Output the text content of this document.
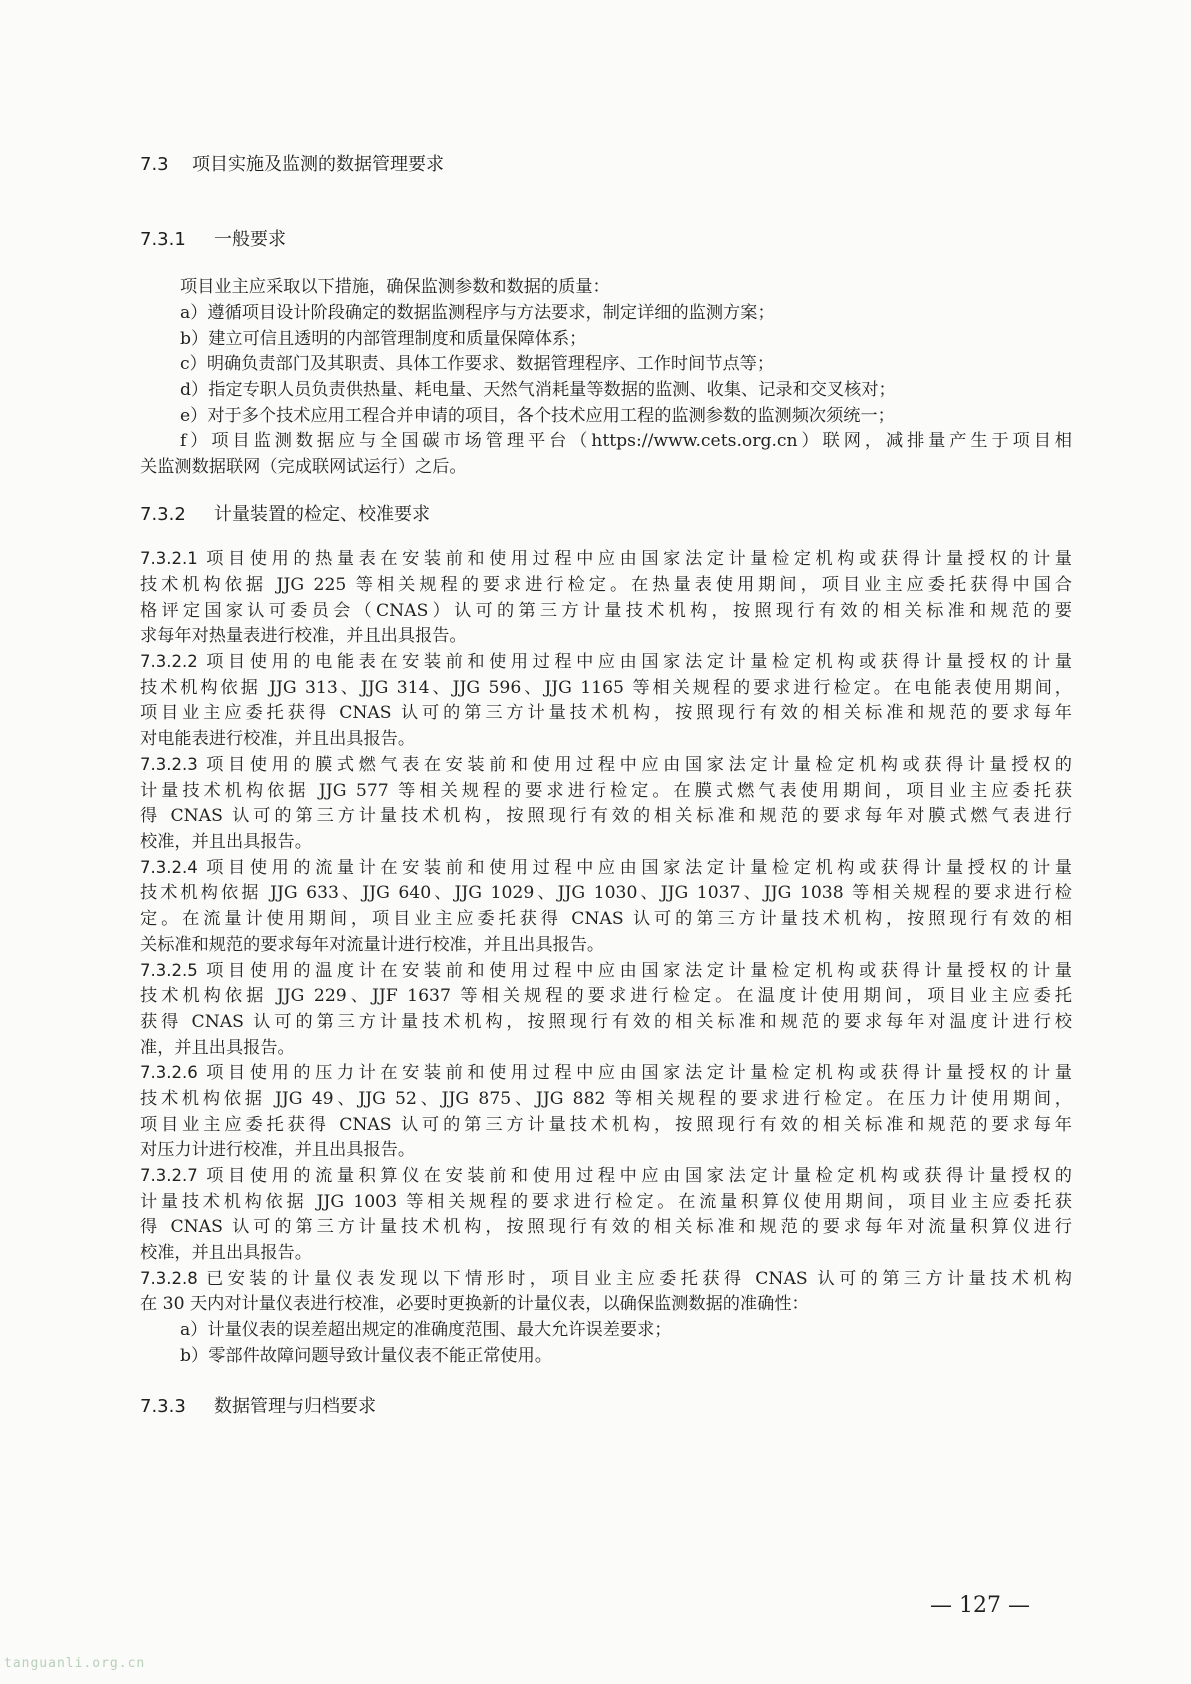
7.3 项目实施及监测的数据管理要求
7.3.1 一般要求
项目业主应采取以下措施，确保监测参数和数据的质量：
a）遵循项目设计阶段确定的数据监测程序与方法要求，制定详细的监测方案；
b）建立可信且透明的内部管理制度和质量保障体系；
c）明确负责部门及其职责、具体工作要求、数据管理程序、工作时间节点等；
d）指定专职人员负责供热量、耗电量、天然气消耗量等数据的监测、收集、记录和交叉核对；
e）对于多个技术应用工程合并申请的项目，各个技术应用工程的监测参数的监测频次须统一；
f）项目监测数据应与全国碳市场管理平台（https://www.cets.org.cn）联网，减排量产生于项目相
关监测数据联网（完成联网试运行）之后。
7.3.2 计量装置的检定、校准要求
7.3.2.1 项目使用的热量表在安装前和使用过程中应由国家法定计量检定机构或获得计量授权的计量
技术机构依据 JJG 225 等相关规程的要求进行检定。在热量表使用期间，项目业主应委托获得中国合
格评定国家认可委员会（CNAS）认可的第三方计量技术机构，按照现行有效的相关标准和规范的要
求每年对热量表进行校准，并且出具报告。
7.3.2.2 项目使用的电能表在安装前和使用过程中应由国家法定计量检定机构或获得计量授权的计量
技术机构依据 JJG 313、JJG 314、JJG 596、JJG 1165 等相关规程的要求进行检定。在电能表使用期间，
项目业主应委托获得 CNAS 认可的第三方计量技术机构，按照现行有效的相关标准和规范的要求每年
对电能表进行校准，并且出具报告。
7.3.2.3 项目使用的膜式燃气表在安装前和使用过程中应由国家法定计量检定机构或获得计量授权的
计量技术机构依据 JJG 577 等相关规程的要求进行检定。在膜式燃气表使用期间，项目业主应委托获
得 CNAS 认可的第三方计量技术机构，按照现行有效的相关标准和规范的要求每年对膜式燃气表进行
校准，并且出具报告。
7.3.2.4 项目使用的流量计在安装前和使用过程中应由国家法定计量检定机构或获得计量授权的计量
技术机构依据 JJG 633、JJG 640、JJG 1029、JJG 1030、JJG 1037、JJG 1038 等相关规程的要求进行检
定。在流量计使用期间，项目业主应委托获得 CNAS 认可的第三方计量技术机构，按照现行有效的相
关标准和规范的要求每年对流量计进行校准，并且出具报告。
7.3.2.5 项目使用的温度计在安装前和使用过程中应由国家法定计量检定机构或获得计量授权的计量
技术机构依据 JJG 229、JJF 1637 等相关规程的要求进行检定。在温度计使用期间，项目业主应委托
获得 CNAS 认可的第三方计量技术机构，按照现行有效的相关标准和规范的要求每年对温度计进行校
准，并且出具报告。
7.3.2.6 项目使用的压力计在安装前和使用过程中应由国家法定计量检定机构或获得计量授权的计量
技术机构依据 JJG 49、JJG 52、JJG 875、JJG 882 等相关规程的要求进行检定。在压力计使用期间，
项目业主应委托获得 CNAS 认可的第三方计量技术机构，按照现行有效的相关标准和规范的要求每年
对压力计进行校准，并且出具报告。
7.3.2.7 项目使用的流量积算仪在安装前和使用过程中应由国家法定计量检定机构或获得计量授权的
计量技术机构依据 JJG 1003 等相关规程的要求进行检定。在流量积算仪使用期间，项目业主应委托获
得 CNAS 认可的第三方计量技术机构，按照现行有效的相关标准和规范的要求每年对流量积算仪进行
校准，并且出具报告。
7.3.2.8 已安装的计量仪表发现以下情形时，项目业主应委托获得 CNAS 认可的第三方计量技术机构
在 30 天内对计量仪表进行校准，必要时更换新的计量仪表，以确保监测数据的准确性：
a）计量仪表的误差超出规定的准确度范围、最大允许误差要求；
b）零部件故障问题导致计量仪表不能正常使用。
7.3.3 数据管理与归档要求
— 127 —
tanguanli.org.cn
